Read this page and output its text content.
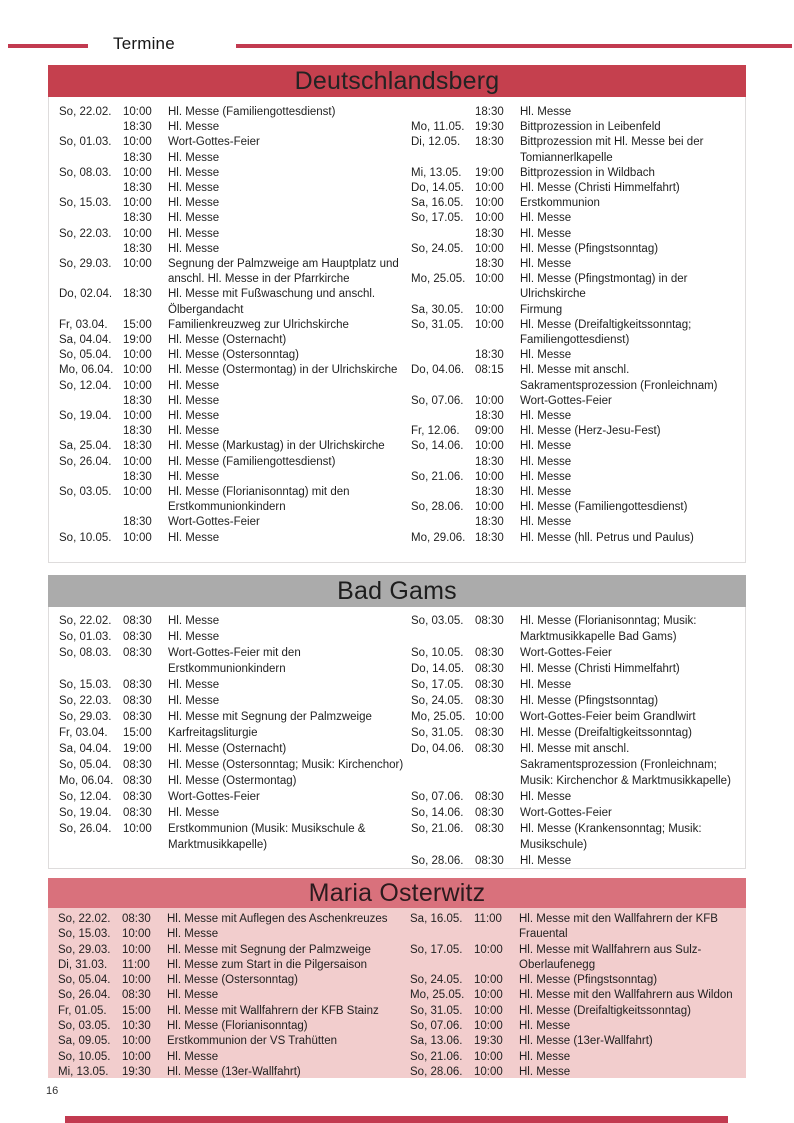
Termine
Deutschlandsberg
So, 22.02.	10:00	Hl. Messe (Familiengottesdienst)
18:30	Hl. Messe
So, 01.03.	10:00	Wort-Gottes-Feier
18:30	Hl. Messe
So, 08.03.	10:00	Hl. Messe
18:30	Hl. Messe
So, 15.03.	10:00	Hl. Messe
18:30	Hl. Messe
So, 22.03.	10:00	Hl. Messe
18:30	Hl. Messe
So, 29.03.	10:00	Segnung der Palmzweige am Hauptplatz und anschl. Hl. Messe in der Pfarrkirche
Do, 02.04. 18:30	Hl. Messe mit Fußwaschung und anschl. Ölbergandacht
Fr, 03.04.	15:00	Familienkreuzweg zur Ulrichskirche
Sa, 04.04.	19:00	Hl. Messe (Osternacht)
So, 05.04.	10:00	Hl. Messe (Ostersonntag)
Mo, 06.04. 10:00	Hl. Messe (Ostermontag) in der Ulrichskirche
So, 12.04.	10:00	Hl. Messe
18:30	Hl. Messe
So, 19.04.	10:00	Hl. Messe
18:30	Hl. Messe
Sa, 25.04.	18:30	Hl. Messe (Markustag) in der Ulrichskirche
So, 26.04.	10:00	Hl. Messe (Familiengottesdienst)
18:30	Hl. Messe
So, 03.05.	10:00	Hl. Messe (Florianisonntag) mit den Erstkommunionkindern
18:30	Wort-Gottes-Feier
So, 10.05.	10:00	Hl. Messe
18:30	Hl. Messe
Mo, 11.05. 19:30	Bittprozession in Leibenfeld
Di, 12.05.	18:30	Bittprozession mit Hl. Messe bei der Tomiannerlkapelle
Mi, 13.05.	19:00	Bittprozession in Wildbach
Do, 14.05. 10:00	Hl. Messe (Christi Himmelfahrt)
Sa, 16.05.	10:00	Erstkommunion
So, 17.05.	10:00	Hl. Messe
18:30	Hl. Messe
So, 24.05.	10:00	Hl. Messe (Pfingstsonntag)
18:30	Hl. Messe
Mo, 25.05. 10:00	Hl. Messe (Pfingstmontag) in der Ulrichskirche
Sa, 30.05.	10:00	Firmung
So, 31.05.	10:00	Hl. Messe (Dreifaltigkeitssonntag; Familiengottesdienst)
18:30	Hl. Messe
Do, 04.06. 08:15	Hl. Messe mit anschl. Sakramentsprozession (Fronleichnam)
So, 07.06.	10:00	Wort-Gottes-Feier
18:30	Hl. Messe
Fr, 12.06.	09:00	Hl. Messe (Herz-Jesu-Fest)
So, 14.06.	10:00	Hl. Messe
18:30	Hl. Messe
So, 21.06.	10:00	Hl. Messe
18:30	Hl. Messe
So, 28.06.	10:00	Hl. Messe (Familiengottesdienst)
18:30	Hl. Messe
Mo, 29.06. 18:30	Hl. Messe (hll. Petrus und Paulus)
Bad Gams
So, 22.02.	08:30	Hl. Messe
So, 01.03.	08:30	Hl. Messe
So, 08.03.	08:30	Wort-Gottes-Feier mit den Erstkommunionkindern
So, 15.03.	08:30	Hl. Messe
So, 22.03.	08:30	Hl. Messe
So, 29.03.	08:30	Hl. Messe mit Segnung der Palmzweige
Fr, 03.04.	15:00	Karfreitagsliturgie
Sa, 04.04.	19:00	Hl. Messe (Osternacht)
So, 05.04.	08:30	Hl. Messe (Ostersonntag; Musik: Kirchenchor)
Mo, 06.04. 08:30	Hl. Messe (Ostermontag)
So, 12.04.	08:30	Wort-Gottes-Feier
So, 19.04.	08:30	Hl. Messe
So, 26.04.	10:00	Erstkommunion (Musik: Musikschule & Marktmusikkapelle)
So, 03.05.	08:30	Hl. Messe (Florianisonntag; Musik: Marktmusikkapelle Bad Gams)
So, 10.05.	08:30	Wort-Gottes-Feier
Do, 14.05. 08:30	Hl. Messe (Christi Himmelfahrt)
So, 17.05.	08:30	Hl. Messe
So, 24.05.	08:30	Hl. Messe (Pfingstsonntag)
Mo, 25.05. 10:00	Wort-Gottes-Feier beim Grandlwirt
So, 31.05.	08:30	Hl. Messe (Dreifaltigkeitssonntag)
Do, 04.06. 08:30	Hl. Messe mit anschl. Sakramentsprozession (Fronleichnam; Musik: Kirchenchor & Marktmusikkapelle)
So, 07.06.	08:30	Hl. Messe
So, 14.06.	08:30	Wort-Gottes-Feier
So, 21.06.	08:30	Hl. Messe (Krankensonntag; Musik: Musikschule)
So, 28.06.	08:30	Hl. Messe
Maria Osterwitz
So, 22.02.	08:30	Hl. Messe mit Auflegen des Aschenkreuzes
So, 15.03.	10:00	Hl. Messe
So, 29.03.	10:00	Hl. Messe mit Segnung der Palmzweige
Di, 31.03.	11:00	Hl. Messe zum Start in die Pilgersaison
So, 05.04.	10:00	Hl. Messe (Ostersonntag)
So, 26.04.	08:30	Hl. Messe
Fr, 01.05.	15:00	Hl. Messe mit Wallfahrern der KFB Stainz
So, 03.05.	10:30	Hl. Messe (Florianisonntag)
Sa, 09.05.	10:00	Erstkommunion der VS Trahütten
So, 10.05.	10:00	Hl. Messe
Mi, 13.05.	19:30	Hl. Messe (13er-Wallfahrt)
Sa, 16.05.	11:00	Hl. Messe mit den Wallfahrern der KFB Frauental
So, 17.05.	10:00	Hl. Messe mit Wallfahrern aus Sulz-Oberlaufenegg
So, 24.05.	10:00	Hl. Messe (Pfingstsonntag)
Mo, 25.05. 10:00	Hl. Messe mit den Wallfahrern aus Wildon
So, 31.05.	10:00	Hl. Messe (Dreifaltigkeitssonntag)
So, 07.06.	10:00	Hl. Messe
Sa, 13.06.	19:30	Hl. Messe (13er-Wallfahrt)
So, 21.06.	10:00	Hl. Messe
So, 28.06.	10:00	Hl. Messe
16
